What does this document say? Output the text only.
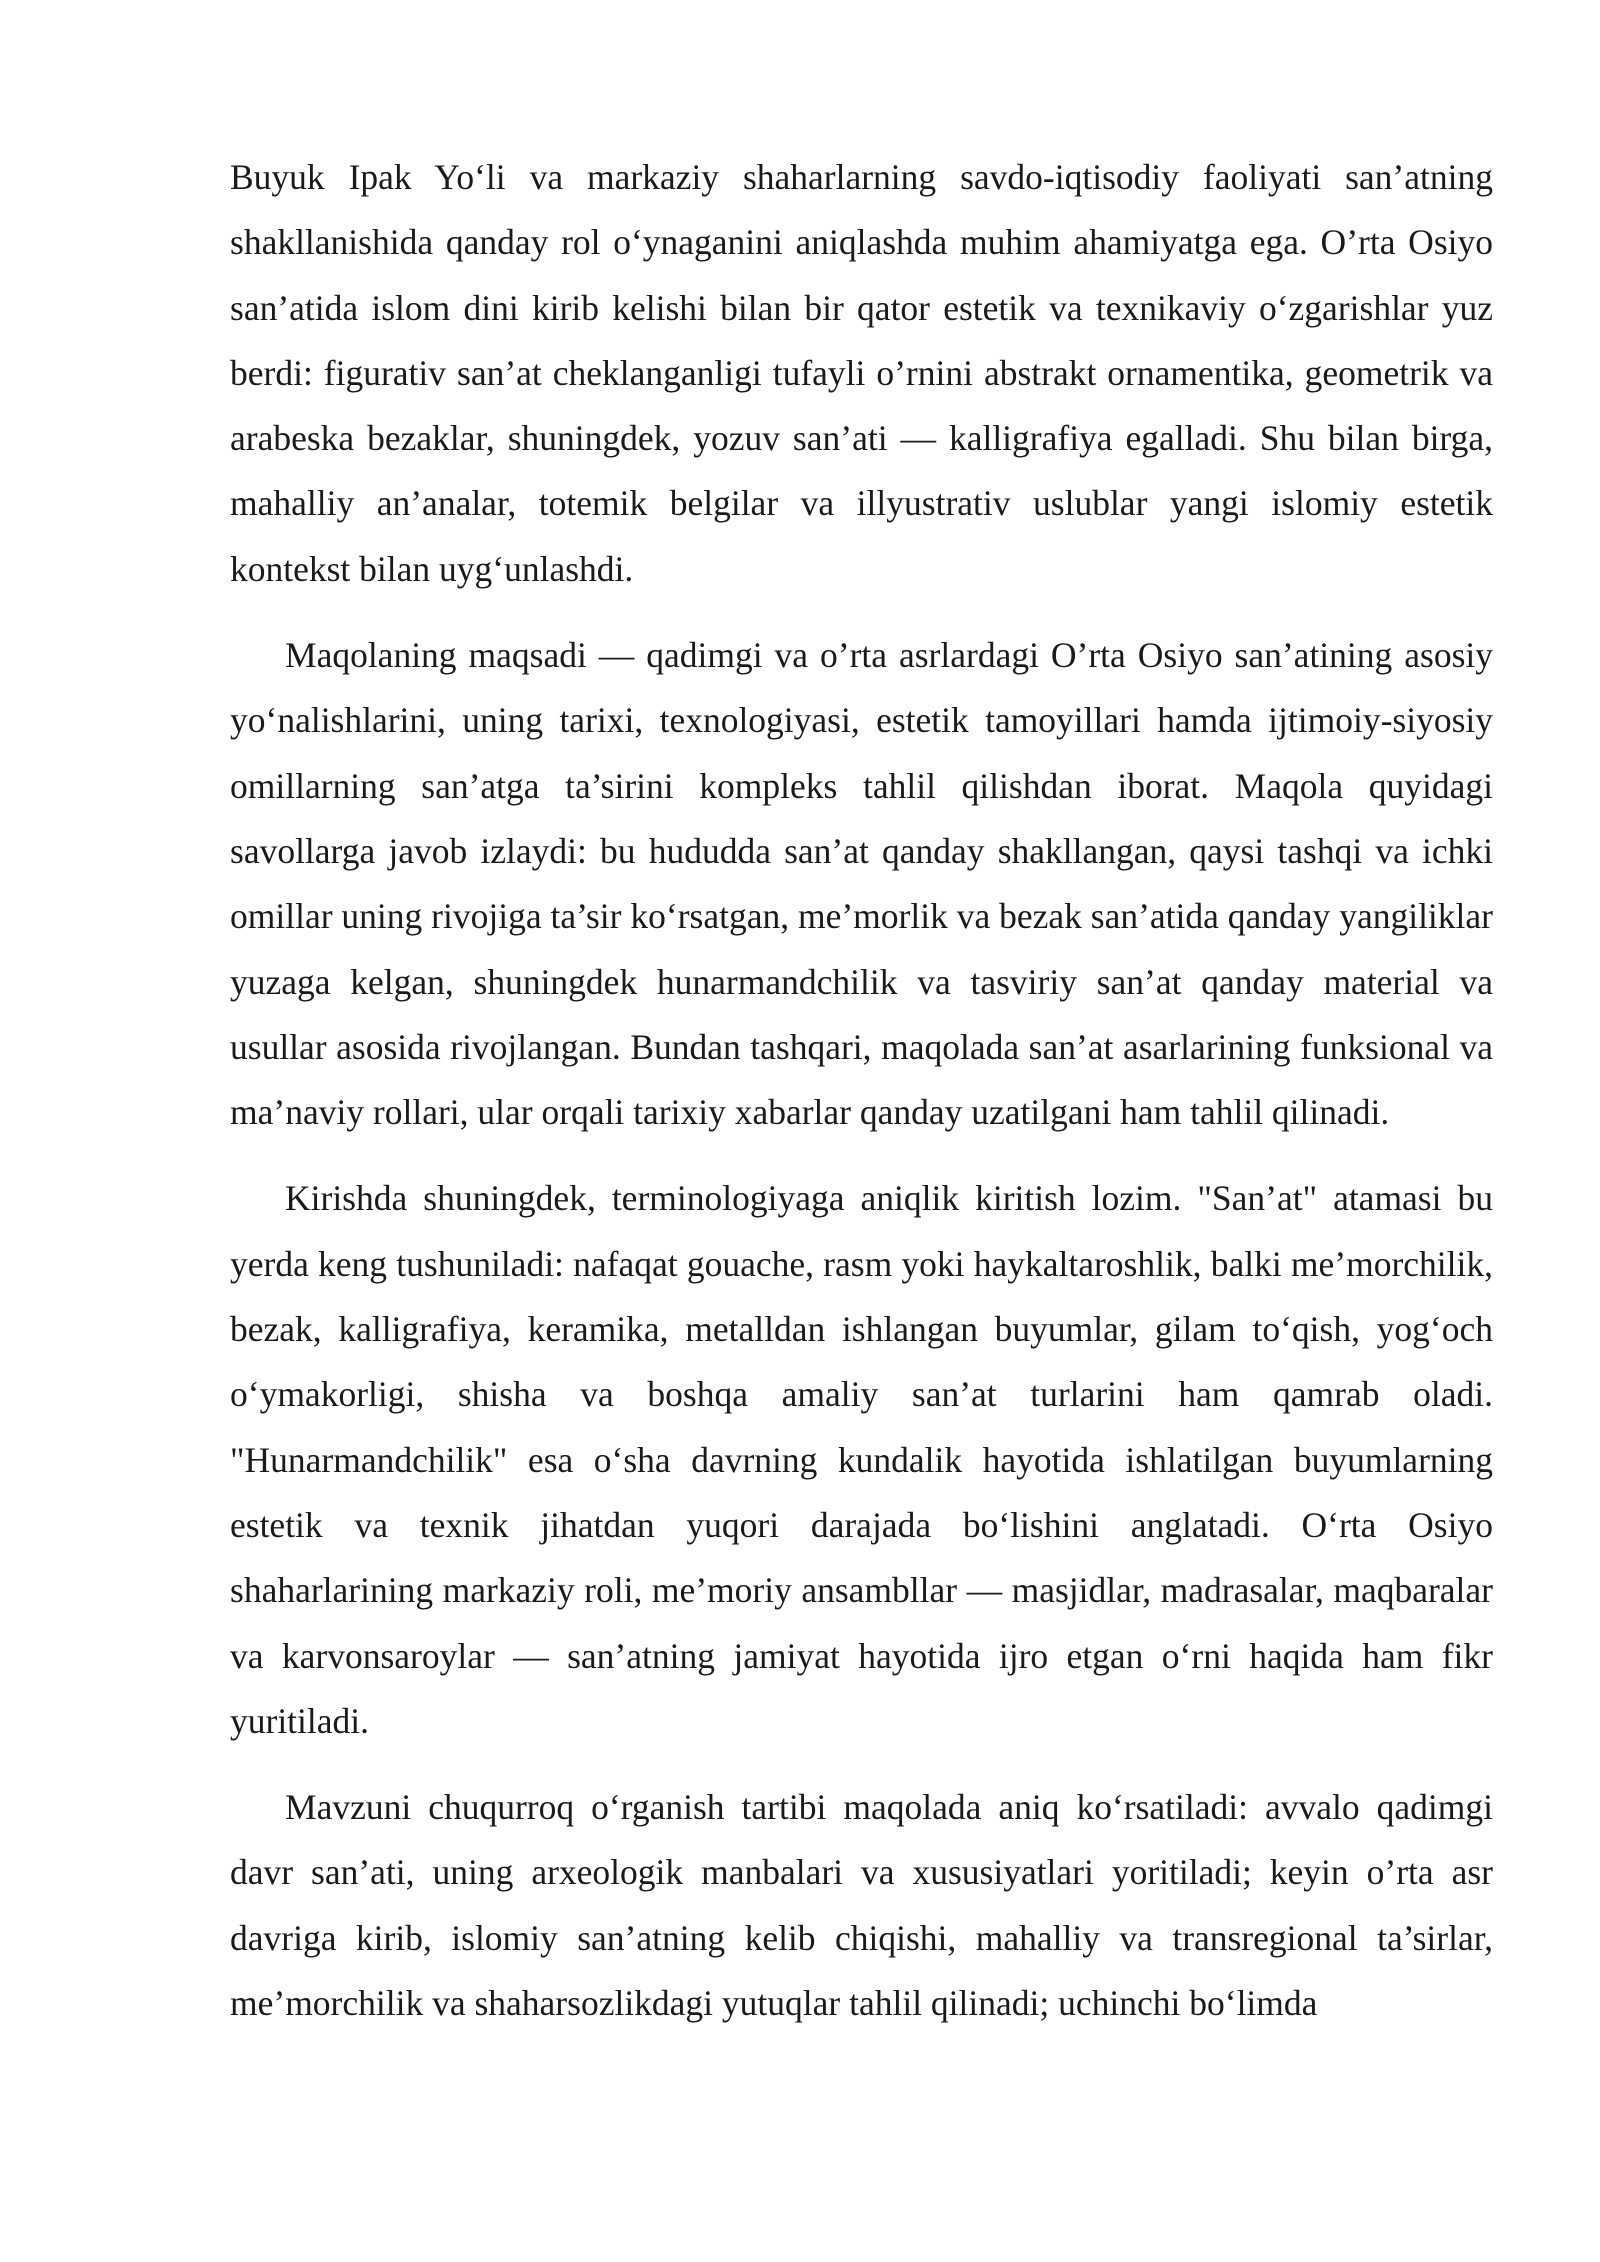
Buyuk Ipak Yo‘li va markaziy shaharlarning savdo-iqtisodiy faoliyati san’atning shakllanishida qanday rol o‘ynaganini aniqlashda muhim ahamiyatga ega. O’rta Osiyo san’atida islom dini kirib kelishi bilan bir qator estetik va texnikaviy o‘zgarishlar yuz berdi: figurativ san’at cheklanganligi tufayli o’rnini abstrakt ornamentika, geometrik va arabeska bezaklar, shuningdek, yozuv san’ati — kalligrafiya egalladi. Shu bilan birga, mahalliy an’analar, totemik belgilar va illyustrativ uslublar yangi islomiy estetik kontekst bilan uyg‘unlashdi.

Maqolaning maqsadi — qadimgi va o’rta asrlardagi O’rta Osiyo san’atining asosiy yo‘nalishlarini, uning tarixi, texnologiyasi, estetik tamoyillari hamda ijtimoiy-siyosiy omillarning san’atga ta’sirini kompleks tahlil qilishdan iborat. Maqola quyidagi savollarga javob izlaydi: bu hududda san’at qanday shakllangan, qaysi tashqi va ichki omillar uning rivojiga ta’sir ko‘rsatgan, me’morlik va bezak san’atida qanday yangiliklar yuzaga kelgan, shuningdek hunarmandchilik va tasviriy san’at qanday material va usullar asosida rivojlangan. Bundan tashqari, maqolada san’at asarlarining funksional va ma’naviy rollari, ular orqali tarixiy xabarlar qanday uzatilgani ham tahlil qilinadi.

Kirishda shuningdek, terminologiyaga aniqlik kiritish lozim. "San’at" atamasi bu yerda keng tushuniladi: nafaqat gouache, rasm yoki haykaltaroshlik, balki me’morchilik, bezak, kalligrafiya, keramika, metalldan ishlangan buyumlar, gilam to‘qish, yog‘och o‘ymakorligi, shisha va boshqa amaliy san’at turlarini ham qamrab oladi. "Hunarmandchilik" esa o‘sha davrning kundalik hayotida ishlatilgan buyumlarning estetik va texnik jihatdan yuqori darajada bo‘lishini anglatadi. O‘rta Osiyo shaharlarining markaziy roli, me’moriy ansambllar — masjidlar, madrasalar, maqbaralar va karvonsaroylar — san’atning jamiyat hayotida ijro etgan o‘rni haqida ham fikr yuritiladi.

Mavzuni chuqurroq o‘rganish tartibi maqolada aniq ko‘rsatiladi: avvalo qadimgi davr san’ati, uning arxeologik manbalari va xususiyatlari yoritiladi; keyin o’rta asr davriga kirib, islomiy san’atning kelib chiqishi, mahalliy va transregional ta’sirlar, me’morchilik va shaharsozlikdagi yutuqlar tahlil qilinadi; uchinchi bo‘limda
